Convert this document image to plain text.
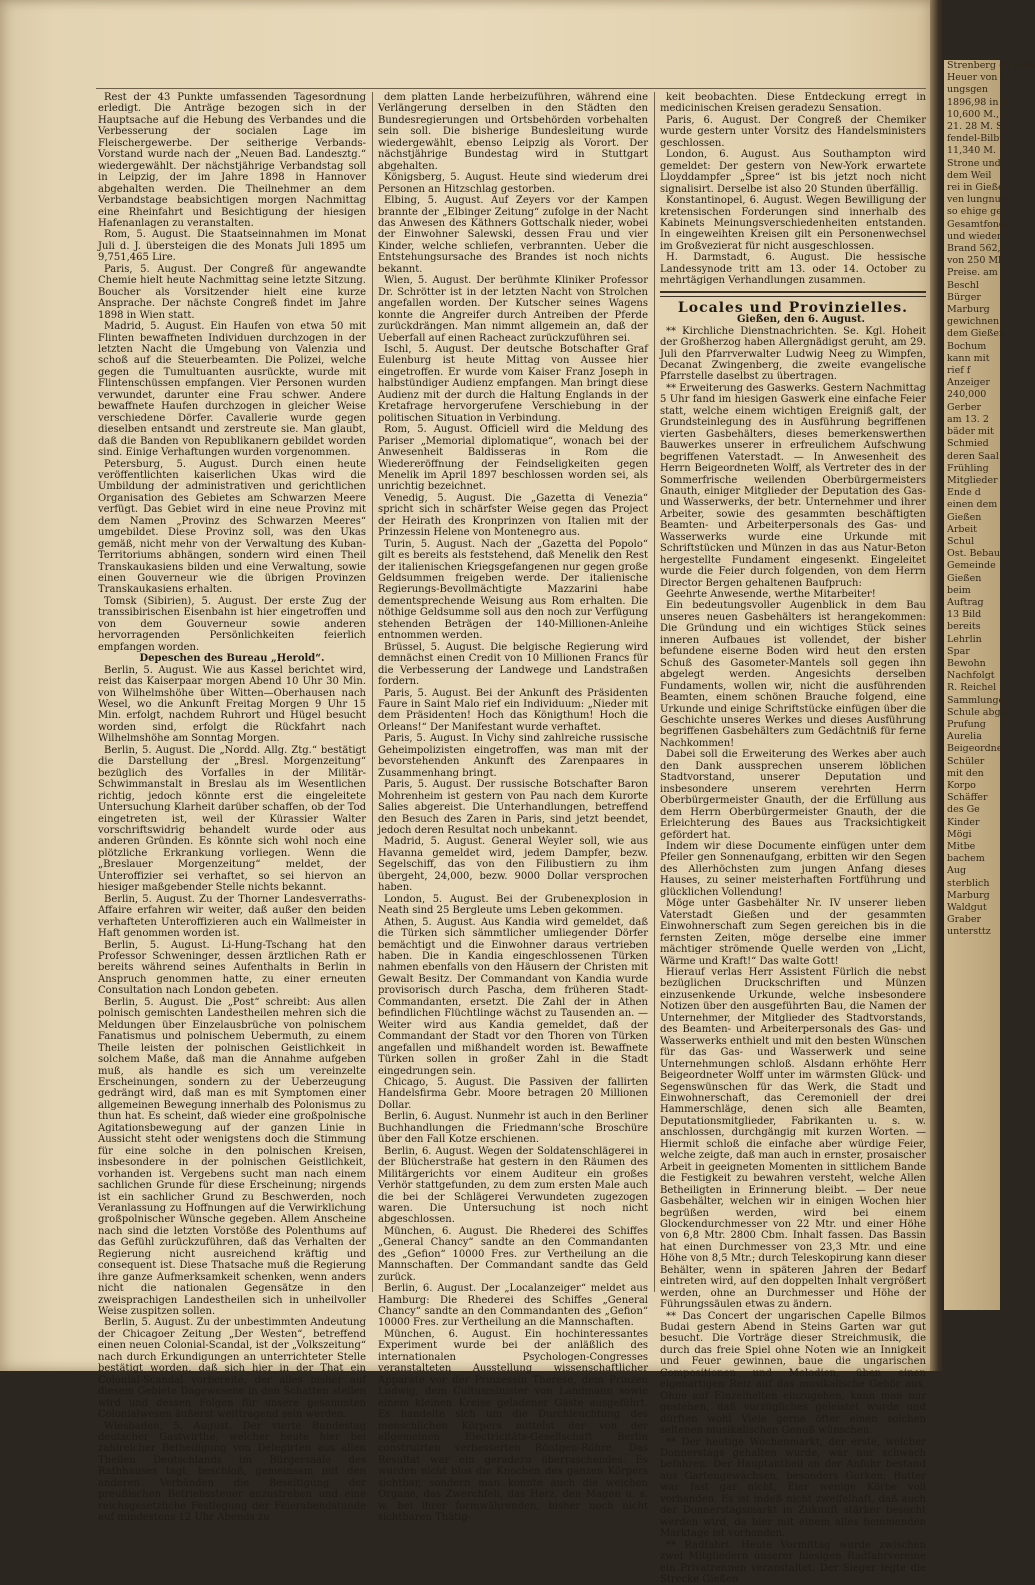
Strenberg (G Bilin
Heuer von 150
ungsgen
1896,98 in b
10,600 M., in
21. 28 M. Str
fendel-Bilbt
11,340 M.
Strone und
dem Weil
rei in Gießen
ven lungnud
so ehige geb
Gesamtfonde
und wieder
Brand 562,
von 250 Ml
Preise. am
Beschl
Bürger
Marburg
gewichnen
dem Gießen
Bochum
kann mit
rief f
Anzeiger
240,000
Gerber
am 13. 2
bäder mit
Schmied
deren Saal
Frühling
Mitglieder
Ende d
einen dem
Gießen
Arbeit
Schul
Ost. Bebau
Gemeinde
Gießen
beim
Auftrag
13 Bild
bereits
Lehrlin
Spar
Bewohn
Nachfolgt
R. Reichel
Sammlungen
Schule abgeb
Prufung
Aurelia
Beigeordnet
Schüler
mit den
Korpo
Schäffer
des Ge
Kinder
Mögi
Mitbe
bachem
Aug
sterblich
Marburg
Waldgut
Graber
untersttz

Rest der 43 Punkte umfassenden Tagesordnung erledigt. Die Anträge bezogen sich in der Hauptsache auf die Hebung des Verbandes und die Verbesserung der socialen Lage im Fleischergewerbe. Der seitherige Verbands-Vorstand wurde nach der „Neuen Bad. Landesztg.“ wiedergewählt. Der nächstjährige Verbandstag soll in Leipzig, der im Jahre 1898 in Hannover abgehalten werden. Die Theilnehmer an dem Verbandstage beabsichtigen morgen Nachmittag eine Rheinfahrt und Besichtigung der hiesigen Hafenanlagen zu veranstalten.

Rom, 5. August. Die Staatseinnahmen im Monat Juli d. J. übersteigen die des Monats Juli 1895 um 9,751,465 Lire.

Paris, 5. August. Der Congreß für angewandte Chemie hielt heute Nachmittag seine letzte Sitzung. Boucher als Vorsitzender hielt eine kurze Ansprache. Der nächste Congreß findet im Jahre 1898 in Wien statt.

Madrid, 5. August. Ein Haufen von etwa 50 mit Flinten bewaffneten Individuen durchzogen in der letzten Nacht die Umgebung von Valenzia und schoß auf die Steuerbeamten. Die Polizei, welche gegen die Tumultuanten ausrückte, wurde mit Flintenschüssen empfangen. Vier Personen wurden verwundet, darunter eine Frau schwer. Andere bewaffnete Haufen durchzogen in gleicher Weise verschiedene Dörfer. Cavallerie wurde gegen dieselben entsandt und zerstreute sie. Man glaubt, daß die Banden von Republikanern gebildet worden sind. Einige Verhaftungen wurden vorgenommen.

Petersburg, 5. August. Durch einen heute veröffentlichten kaiserlichen Ukas wird die Umbildung der administrativen und gerichtlichen Organisation des Gebietes am Schwarzen Meere verfügt. Das Gebiet wird in eine neue Provinz mit dem Namen „Provinz des Schwarzen Meeres“ umgebildet. Diese Provinz soll, was den Ukas gemäß, nicht mehr von der Verwaltung des Kuban-Territoriums abhängen, sondern wird einen Theil Transkaukasiens bilden und eine Verwaltung, sowie einen Gouverneur wie die übrigen Provinzen Transkaukasiens erhalten.

Tomsk (Sibirien), 5. August. Der erste Zug der transsibirischen Eisenbahn ist hier eingetroffen und von dem Gouverneur sowie anderen hervorragenden Persönlichkeiten feierlich empfangen worden.

Depeschen des Bureau „Herold“.

Berlin, 5. August. Wie aus Kassel berichtet wird, reist das Kaiserpaar morgen Abend 10 Uhr 30 Min. von Wilhelmshöhe über Witten—Oberhausen nach Wesel, wo die Ankunft Freitag Morgen 9 Uhr 15 Min. erfolgt, nachdem Ruhrort und Hügel besucht worden sind, erfolgt die Rückfahrt nach Wilhelmshöhe am Sonntag Morgen.

Berlin, 5. August. Die „Nordd. Allg. Ztg.“ bestätigt die Darstellung der „Bresl. Morgenzeitung“ bezüglich des Vorfalles in der Militär-Schwimmanstalt in Breslau als im Wesentlichen richtig, jedoch könnte erst die eingeleitete Untersuchung Klarheit darüber schaffen, ob der Tod eingetreten ist, weil der Kürassier Walter vorschriftswidrig behandelt wurde oder aus anderen Gründen. Es könnte sich wohl noch eine plötzliche Erkrankung vorliegen. Wenn die „Breslauer Morgenzeitung“ meldet, der Unteroffizier sei verhaftet, so sei hiervon an hiesiger maßgebender Stelle nichts bekannt.

Berlin, 5. August. Zu der Thorner Landesverraths-Affaire erfahren wir weiter, daß außer den beiden verhafteten Unteroffizieren auch ein Wallmeister in Haft genommen worden ist.

Berlin, 5. August. Li-Hung-Tschang hat den Professor Schweninger, dessen ärztlichen Rath er bereits während seines Aufenthalts in Berlin in Anspruch genommen hatte, zu einer erneuten Consultation nach London gebeten.

Berlin, 5. August. Die „Post“ schreibt: Aus allen polnisch gemischten Landestheilen mehren sich die Meldungen über Einzelausbrüche von polnischem Fanatismus und polnischem Uebermuth, zu einem Theile leisten der polnischen Geistlichkeit in solchem Maße, daß man die Annahme aufgeben muß, als handle es sich um vereinzelte Erscheinungen, sondern zu der Ueberzeugung gedrängt wird, daß man es mit Symptomen einer allgemeinen Bewegung innerhalb des Polonismus zu thun hat. Es scheint, daß wieder eine großpolnische Agitationsbewegung auf der ganzen Linie in Aussicht steht oder wenigstens doch die Stimmung für eine solche in den polnischen Kreisen, insbesondere in der polnischen Geistlichkeit, vorhanden ist. Vergebens sucht man nach einem sachlichen Grunde für diese Erscheinung; nirgends ist ein sachlicher Grund zu Beschwerden, noch Veranlassung zu Hoffnungen auf die Verwirklichung großpolnischer Wünsche gegeben. Allem Anscheine nach sind die letzten Vorstöße des Polenthums auf das Gefühl zurückzuführen, daß das Verhalten der Regierung nicht ausreichend kräftig und consequent ist. Diese Thatsache muß die Regierung ihre ganze Aufmerksamkeit schenken, wenn anders nicht die nationalen Gegensätze in den zweisprachigen Landestheilen sich in unheilvoller Weise zuspitzen sollen.

Berlin, 5. August. Zu der unbestimmten Andeutung der Chicagoer Zeitung „Der Westen“, betreffend einen neuen Colonial-Scandal, ist der „Volkszeitung“ nach durch Erkundigungen an unterrichteter Stelle bestätigt worden, daß sich hier in der That ein Colonial-Scandal vorbereite, der alles bisher auf diesem Gebiete Dagewesene in den Schatten stellen wird und dessen Folgen für unsere gesammten Colonialwesen äußerst weittragend sein werden.

Wiesbaden, 5. August. Der vierte Bundestag deutscher Gastwirthe, welcher heute hier bei zahlreicher Betheiligung von Delegirten aus allen Theilen Deutschlands im Bürgersaale des Rathhauses tagt, beschloß, gemeinsam mit den anderen Verbänden die Beseitigung der preußischen Betriebssteuer anzustreben und eine reichsgesetzliche Festlegung der Feierabendstunde auf mindestens 12 Uhr Abends zu

dem platten Lande herbeizuführen, während eine Verlängerung derselben in den Städten den Bundesregierungen und Ortsbehörden vorbehalten sein soll. Die bisherige Bundesleitung wurde wiedergewählt, ebenso Leipzig als Vorort. Der nächstjährige Bundestag wird in Stuttgart abgehalten.

Königsberg, 5. August. Heute sind wiederum drei Personen an Hitzschlag gestorben.

Elbing, 5. August. Auf Zeyers vor der Kampen brannte der „Elbinger Zeitung“ zufolge in der Nacht das Anwesen des Käthners Gottschalk nieder, wobei der Einwohner Salewski, dessen Frau und vier Kinder, welche schliefen, verbrannten. Ueber die Entstehungsursache des Brandes ist noch nichts bekannt.

Wien, 5. August. Der berühmte Kliniker Professor Dr. Schrötter ist in der letzten Nacht von Strolchen angefallen worden. Der Kutscher seines Wagens konnte die Angreifer durch Antreiben der Pferde zurückdrängen. Man nimmt allgemein an, daß der Ueberfall auf einen Racheact zurückzuführen sei.

Ischl, 5. August. Der deutsche Botschafter Graf Eulenburg ist heute Mittag von Aussee hier eingetroffen. Er wurde vom Kaiser Franz Joseph in halbstündiger Audienz empfangen. Man bringt diese Audienz mit der durch die Haltung Englands in der Kretafrage hervorgerufene Verschiebung in der politischen Situation in Verbindung.

Rom, 5. August. Officiell wird die Meldung des Pariser „Memorial diplomatique“, wonach bei der Anwesenheit Baldisseras in Rom die Wiedereröffnung der Feindseligkeiten gegen Menelik im April 1897 beschlossen worden sei, als unrichtig bezeichnet.

Venedig, 5. August. Die „Gazetta di Venezia“ spricht sich in schärfster Weise gegen das Project der Heirath des Kronprinzen von Italien mit der Prinzessin Helene von Montenegro aus.

Turin, 5. August. Nach der „Gazetta del Popolo“ gilt es bereits als feststehend, daß Menelik den Rest der italienischen Kriegsgefangenen nur gegen große Geldsummen freigeben werde. Der italienische Regierungs-Bevollmächtigte Mazzarini habe dementsprechende Weisung aus Rom erhalten. Die nöthige Geldsumme soll aus den noch zur Verfügung stehenden Beträgen der 140-Millionen-Anleihe entnommen werden.

Brüssel, 5. August. Die belgische Regierung wird demnächst einen Credit von 10 Millionen Francs für die Verbesserung der Landwege und Landstraßen fordern.

Paris, 5. August. Bei der Ankunft des Präsidenten Faure in Saint Malo rief ein Individuum: „Nieder mit dem Präsidenten! Hoch das Königthum! Hoch die Orleans!“ Der Manifestant wurde verhaftet.

Paris, 5. August. In Vichy sind zahlreiche russische Geheimpolizisten eingetroffen, was man mit der bevorstehenden Ankunft des Zarenpaares in Zusammenhang bringt.

Paris, 5. August. Der russische Botschafter Baron Mohrenheim ist gestern von Pau nach dem Kurorte Salies abgereist. Die Unterhandlungen, betreffend den Besuch des Zaren in Paris, sind jetzt beendet, jedoch deren Resultat noch unbekannt.

Madrid, 5. August. General Weyler soll, wie aus Havanna gemeldet wird, jedem Dampfer, bezw. Segelschiff, das von den Filibustiern zu ihm übergeht, 24,000, bezw. 9000 Dollar versprochen haben.

London, 5. August. Bei der Grubenexplosion in Neath sind 25 Bergleute ums Leben gekommen.

Athen, 5. August. Aus Kandia wird gemeldet, daß die Türken sich sämmtlicher umliegender Dörfer bemächtigt und die Einwohner daraus vertrieben haben. Die in Kandia eingeschlossenen Türken nahmen ebenfalls von den Häusern der Christen mit Gewalt Besitz. Der Commandant von Kandia wurde provisorisch durch Pascha, dem früheren Stadt-Commandanten, ersetzt. Die Zahl der in Athen befindlichen Flüchtlinge wächst zu Tausenden an. — Weiter wird aus Kandia gemeldet, daß der Commandant der Stadt vor den Thoren von Türken angefallen und mißhandelt worden ist. Bewaffnete Türken sollen in großer Zahl in die Stadt eingedrungen sein.

Chicago, 5. August. Die Passiven der fallirten Handelsfirma Gebr. Moore betragen 20 Millionen Dollar.

Berlin, 6. August. Nunmehr ist auch in den Berliner Buchhandlungen die Friedmann'sche Broschüre über den Fall Kotze erschienen.

Berlin, 6. August. Wegen der Soldatenschlägerei in der Blücherstraße hat gestern in den Räumen des Militärgerichts vor einem Auditeur ein großes Verhör stattgefunden, zu dem zum ersten Male auch die bei der Schlägerei Verwundeten zugezogen waren. Die Untersuchung ist noch nicht abgeschlossen.

München, 6. August. Die Rhederei des Schiffes „General Chancy“ sandte an den Commandanten des „Gefion“ 10000 Fres. zur Vertheilung an die Mannschaften. Der Commandant sandte das Geld zurück.

Berlin, 6. August. Der „Localanzeiger“ meldet aus Hamburg: Die Rhederei des Schiffes „General Chancy“ sandte an den Commandanten des „Gefion“ 10000 Fres. zur Vertheilung an die Mannschaften.

München, 6. August. Ein hochinteressantes Experiment wurde bei der anläßlich des internationalen Psychologen-Congresses veranstalteten Ausstellung wissenschaftlicher Apparate vor der Prinzessin Therese, dem Prinzen Ludwig, dem Cultusminister von Landmann sowie einem kleinen Kreise geladener Gäste ausgeführt. Es handelte sich um die Durchleuchtung des menschlichen Körpers mittelst der von der allgemeinen Electricitäts-Gesellschaft Berlin construirten verbesserten Röntgen-Röhre. Das Resultat war ein geradezu überraschendes. Es wurden nicht blos die Knochen des ganzen Körpers sichtbar, sondern man konnte auch die weichen Organe, das Zwerchfell, das Herz, den Magen u. s. w. bei ihrer formwährenden, bisher noch nicht sichtbaren Thätig-

keit beobachten. Diese Entdeckung erregt in medicinischen Kreisen geradezu Sensation.

Paris, 6. August. Der Congreß der Chemiker wurde gestern unter Vorsitz des Handelsministers geschlossen.

London, 6. August. Aus Southampton wird gemeldet: Der gestern von New-York erwartete Lloyddampfer „Spree“ ist bis jetzt noch nicht signalisirt. Derselbe ist also 20 Stunden überfällig.

Konstantinopel, 6. August. Wegen Bewilligung der kretensischen Forderungen sind innerhalb des Kabinets Meinungsverschiedenheiten entstanden. In eingeweihten Kreisen gilt ein Personenwechsel im Großvezierat für nicht ausgeschlossen.

H. Darmstadt, 6. August. Die hessische Landessynode tritt am 13. oder 14. October zu mehrtägigen Verhandlungen zusammen.

Locales und Provinzielles.

Gießen, den 6. August.

** Kirchliche Dienstnachrichten. Se. Kgl. Hoheit der Großherzog haben Allergnädigst geruht, am 29. Juli den Pfarrverwalter Ludwig Neeg zu Wimpfen, Decanat Zwingenberg, die zweite evangelische Pfarrstelle daselbst zu übertragen.

** Erweiterung des Gaswerks. Gestern Nachmittag 5 Uhr fand im hiesigen Gaswerk eine einfache Feier statt, welche einem wichtigen Ereigniß galt, der Grundsteinlegung des in Ausführung begriffenen vierten Gasbehälters, dieses bemerkenswerthen Bauwerkes unserer in erfreulichem Aufschwung begriffenen Vaterstadt. — In Anwesenheit des Herrn Beigeordneten Wolff, als Vertreter des in der Sommerfrische weilenden Oberbürgermeisters Gnauth, einiger Mitglieder der Deputation des Gas- und Wasserwerks, der betr. Unternehmer und ihrer Arbeiter, sowie des gesammten beschäftigten Beamten- und Arbeiterpersonals des Gas- und Wasserwerks wurde eine Urkunde mit Schriftstücken und Münzen in das aus Natur-Beton hergestellte Fundament eingesenkt. Eingeleitet wurde die Feier durch folgenden, von dem Herrn Director Bergen gehaltenen Baufpruch:

Geehrte Anwesende, werthe Mitarbeiter!

Ein bedeutungsvoller Augenblick in dem Bau unseres neuen Gasbehälters ist herangekommen: Die Gründung und ein wichtiges Stück seines inneren Aufbaues ist vollendet, der bisher befundene eiserne Boden wird heut den ersten Schuß des Gasometer-Mantels soll gegen ihn abgelegt werden. Angesichts derselben Fundaments, wollen wir, nicht die ausführenden Beamten, einem schönen Brauche folgend, eine Urkunde und einige Schriftstücke einfügen über die Geschichte unseres Werkes und dieses Ausführung begriffenen Gasbehälters zum Gedächtniß für ferne Nachkommen!

Dabei soll die Erweiterung des Werkes aber auch den Dank aussprechen unserem löblichen Stadtvorstand, unserer Deputation und insbesondere unserem verehrten Herrn Oberbürgermeister Gnauth, der die Erfüllung aus dem Herrn Oberbürgermeister Gnauth, der die Erleichterung des Baues aus Tracksichtigkeit gefördert hat.

Indem wir diese Documente einfügen unter dem Pfeiler gen Sonnenaufgang, erbitten wir den Segen des Allerhöchsten zum jungen Anfang dieses Hauses, zu seiner meisterhaften Fortführung und glücklichen Vollendung!

Möge unter Gasbehälter Nr. IV unserer lieben Vaterstadt Gießen und der gesammten Einwohnerschaft zum Segen gereichen bis in die fernsten Zeiten, möge derselbe eine immer mächtiger strömende Quelle werden von „Licht, Wärme und Kraft!“ Das walte Gott!

Hierauf verlas Herr Assistent Fürlich die nebst bezüglichen Druckschriften und Münzen einzusenkende Urkunde, welche insbesondere Notizen über den ausgeführten Bau, die Namen der Unternehmer, der Mitglieder des Stadtvorstands, des Beamten- und Arbeiterpersonals des Gas- und Wasserwerks enthielt und mit den besten Wünschen für das Gas- und Wasserwerk und seine Unternehmungen schloß. Alsdann erhöhte Herr Beigeordneter Wolff unter im wärmsten Glück- und Segenswünschen für das Werk, die Stadt und Einwohnerschaft, das Ceremoniell der drei Hammerschläge, denen sich alle Beamten, Deputationsmitglieder, Fabrikanten u. s. w. anschlossen, durchgängig mit kurzen Worten. — Hiermit schloß die einfache aber würdige Feier, welche zeigte, daß man auch in ernster, prosaischer Arbeit in geeigneten Momenten in sittlichem Bande die Festigkeit zu bewahren versteht, welche Allen Betheiligten in Erinnerung bleibt. — Der neue Gasbehälter, welchen wir in einigen Wochen hier begrüßen werden, wird bei einem Glockendurchmesser von 22 Mtr. und einer Höhe von 6,8 Mtr. 2800 Cbm. Inhalt fassen. Das Bassin hat einen Durchmesser von 23,3 Mtr. und eine Höhe von 8,5 Mtr.; durch Teleskopirung kann dieser Behälter, wenn in späteren Jahren der Bedarf eintreten wird, auf den doppelten Inhalt vergrößert werden, ohne an Durchmesser und Höhe der Führungssäulen etwas zu ändern.

** Das Concert der ungarischen Capelle Bilmos Budai gestern Abend in Steins Garten war gut besucht. Die Vorträge dieser Streichmusik, die durch das freie Spiel ohne Noten wie an Innigkeit und Feuer gewinnen, baue die ungarischen Compositionen und Melodien, üben einen eigenartigen Reiz auf das musikalische Gehör aus. Ohne auf Einzelheiten einzugehen, kann man nur gestehen, daß vorzügliches geleistet wurde und dürften wohl Viele gerne öfter einen solchen seltenen musikalischen Genuß wünschen.

** Der heutige Wochenmarkt, der erste, welcher Donnerstags gehalten wurde, war nur schwach befahren. Der Hauptantheil an der Anfuhr bestand aus Gartengewächsen, besonders Gurken; Butter war fast gar nicht, Eier wenige Körbe voll vorhanden. Es ist indeß nicht zweifelhaft, daß auch der Donnerstagsmarkt in Zukunft stärker besucht werden wird, da hier mit einem alles hemmenden Marktage ist vorhanden.

** Radfahrt. Heute Vormittag wurde zwischen zwei Mitgliedern unserer hiesigen Radfahrvereine ein Privatrennen veranstaltet. Der Sieger legte die Strecke Gießen
